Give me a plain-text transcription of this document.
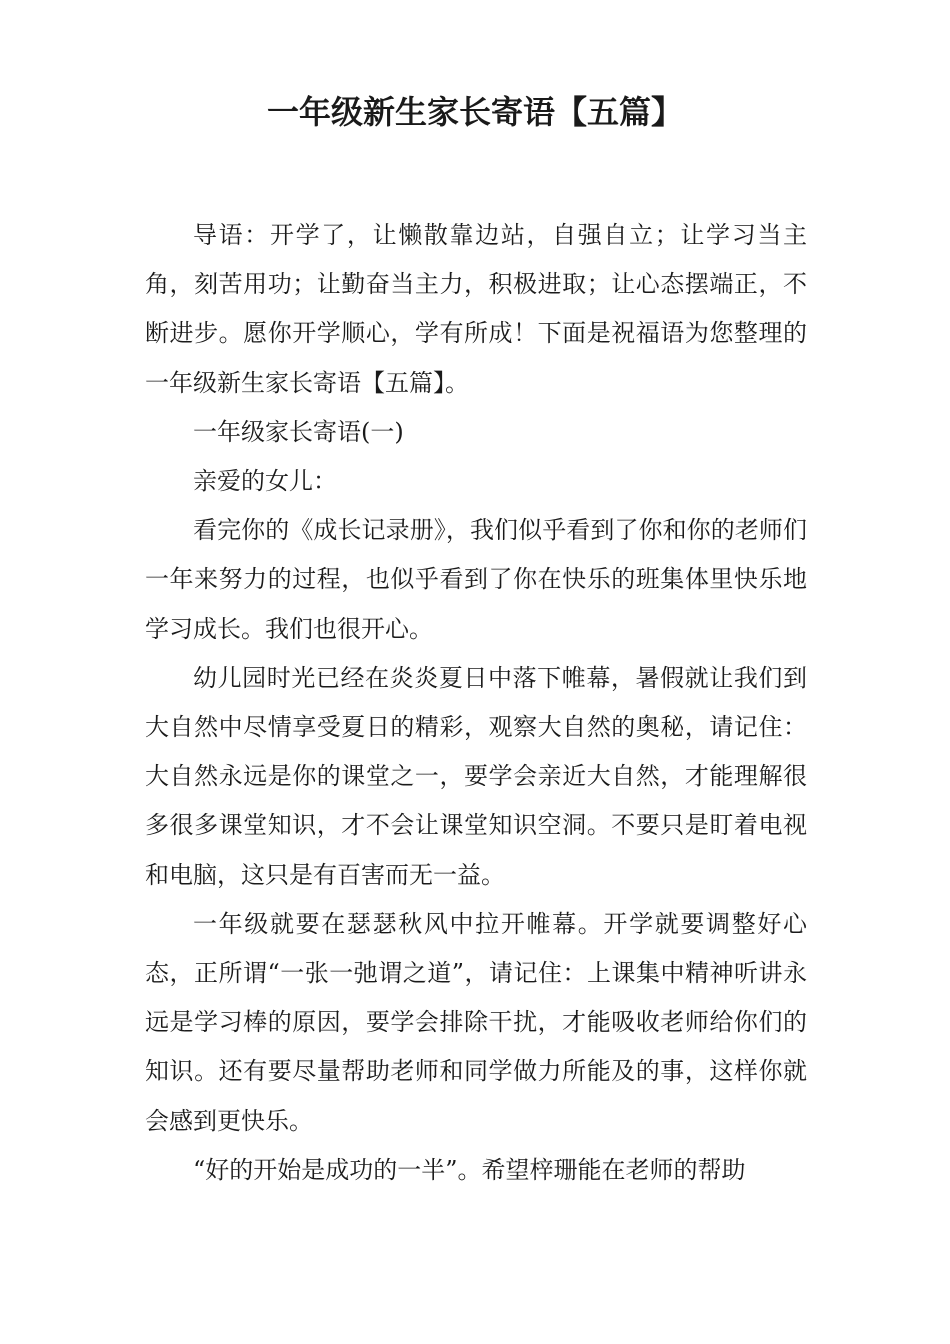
一年级新生家长寄语【五篇】

导语：开学了，让懒散靠边站，自强自立；让学习当主角，刻苦用功；让勤奋当主力，积极进取；让心态摆端正，不断进步。愿你开学顺心，学有所成！下面是祝福语为您整理的一年级新生家长寄语【五篇】。

一年级家长寄语(一)

亲爱的女儿：

看完你的《成长记录册》，我们似乎看到了你和你的老师们一年来努力的过程，也似乎看到了你在快乐的班集体里快乐地学习成长。我们也很开心。

幼儿园时光已经在炎炎夏日中落下帷幕，暑假就让我们到大自然中尽情享受夏日的精彩，观察大自然的奥秘，请记住：大自然永远是你的课堂之一，要学会亲近大自然，才能理解很多很多课堂知识，才不会让课堂知识空洞。不要只是盯着电视和电脑，这只是有百害而无一益。

一年级就要在瑟瑟秋风中拉开帷幕。开学就要调整好心态，正所谓“一张一弛谓之道”，请记住：上课集中精神听讲永远是学习棒的原因，要学会排除干扰，才能吸收老师给你们的知识。还有要尽量帮助老师和同学做力所能及的事，这样你就会感到更快乐。

“好的开始是成功的一半”。希望梓珊能在老师的帮助
